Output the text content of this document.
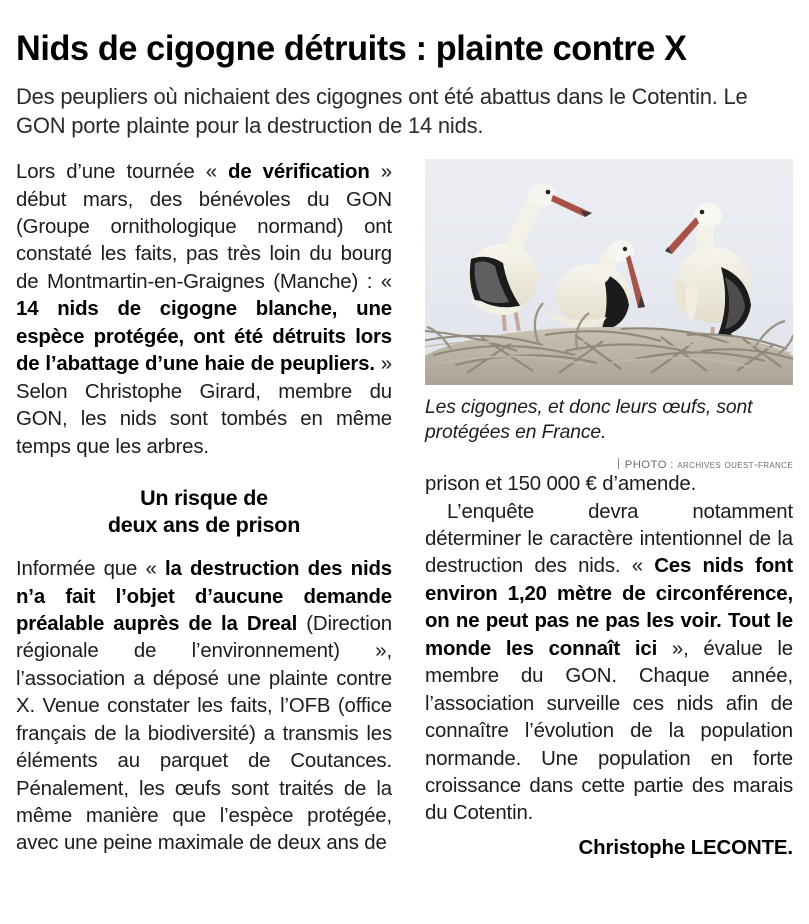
Nids de cigogne détruits : plainte contre X

Des peupliers où nichaient des cigognes ont été abattus dans le Cotentin. Le GON porte plainte pour la destruction de 14 nids.

Lors d’une tournée « de vérification » début mars, des bénévoles du GON (Groupe ornithologique normand) ont constaté les faits, pas très loin du bourg de Montmartin-en-Graignes (Manche) : « 14 nids de cigogne blanche, une espèce protégée, ont été détruits lors de l’abattage d’une haie de peupliers. » Selon Christophe Girard, membre du GON, les nids sont tombés en même temps que les arbres.

Un risque de
deux ans de prison

Informée que « la destruction des nids n’a fait l’objet d’aucune demande préalable auprès de la Dreal (Direction régionale de l’environnement) », l’association a déposé une plainte contre X. Venue constater les faits, l’OFB (office français de la biodiversité) a transmis les éléments au parquet de Coutances. Pénalement, les œufs sont traités de la même manière que l’espèce protégée, avec une peine maximale de deux ans de

Les cigognes, et donc leurs œufs, sont protégées en France.

PHOTO : archives ouest-france

prison et 150 000 € d’amende.

L’enquête devra notamment déterminer le caractère intentionnel de la destruction des nids. « Ces nids font environ 1,20 mètre de circonférence, on ne peut pas ne pas les voir. Tout le monde les connaît ici », évalue le membre du GON. Chaque année, l’association surveille ces nids afin de connaître l’évolution de la population normande. Une population en forte croissance dans cette partie des marais du Cotentin.

Christophe LECONTE.
